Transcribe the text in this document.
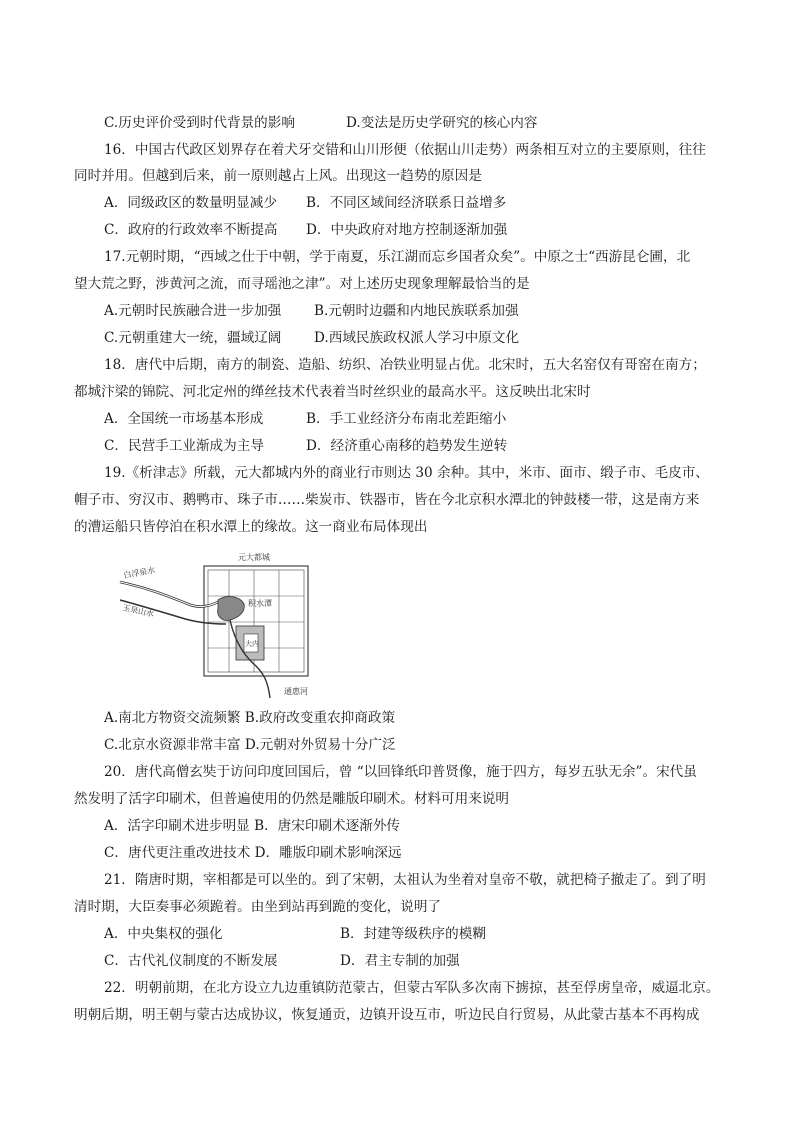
C.历史评价受到时代背景的影响	D.变法是历史学研究的核心内容
16．中国古代政区划界存在着犬牙交错和山川形便（依据山川走势）两条相互对立的主要原则，往往
同时并用。但越到后来，前一原则越占上风。出现这一趋势的原因是
A．同级政区的数量明显减少 B．不同区域间经济联系日益增多
C．政府的行政效率不断提高 D．中央政府对地方控制逐渐加强
17.元朝时期，“西域之仕于中朝，学于南夏，乐江湖而忘乡国者众矣”。中原之士“西游昆仑圃，北
望大荒之野，涉黄河之流，而寻瑶池之津”。对上述历史现象理解最恰当的是
A.元朝时民族融合进一步加强 B.元朝时边疆和内地民族联系加强
C.元朝重建大一统，疆域辽阔 D.西域民族政权派人学习中原文化
18．唐代中后期，南方的制瓷、造船、纺织、冶铁业明显占优。北宋时，五大名窑仅有哥窑在南方；
都城汴梁的锦院、河北定州的缂丝技术代表着当时丝织业的最高水平。这反映出北宋时
A．全国统一市场基本形成	B．手工业经济分布南北差距缩小
C．民营手工业渐成为主导	D．经济重心南移的趋势发生逆转
19.《析津志》所载，元大都城内外的商业行市则达 30 余种。其中，米市、面市、缎子市、毛皮市、
帽子市、穷汉市、鹅鸭市、珠子市……柴炭市、铁器市，皆在今北京积水潭北的钟鼓楼一带，这是南方来
的漕运船只皆停泊在积水潭上的缘故。这一商业布局体现出
元大都城
白浮泉水
玉泉山水	积水潭
大内
通惠河
A.南北方物资交流频繁 B.政府改变重农抑商政策
C.北京水资源非常丰富 D.元朝对外贸易十分广泛
20．唐代高僧玄奘于访问印度回国后，曾 “以回锋纸印普贤像，施于四方，每岁五驮无余”。宋代虽
然发明了活字印刷术，但普遍使用的仍然是雕版印刷术。材料可用来说明
A．活字印刷术进步明显 B．唐宋印刷术逐渐外传
C．唐代更注重改进技术 D．雕版印刷术影响深远
21．隋唐时期，宰相都是可以坐的。到了宋朝，太祖认为坐着对皇帝不敬，就把椅子撤走了。到了明
清时期，大臣奏事必须跪着。由坐到站再到跪的变化，说明了
A．中央集权的强化	B．封建等级秩序的模糊
C．古代礼仪制度的不断发展	D．君主专制的加强
22．明朝前期，在北方设立九边重镇防范蒙古，但蒙古军队多次南下掳掠，甚至俘虏皇帝，威逼北京。
明朝后期，明王朝与蒙古达成协议，恢复通贡，边镇开设互市，听边民自行贸易，从此蒙古基本不再构成
